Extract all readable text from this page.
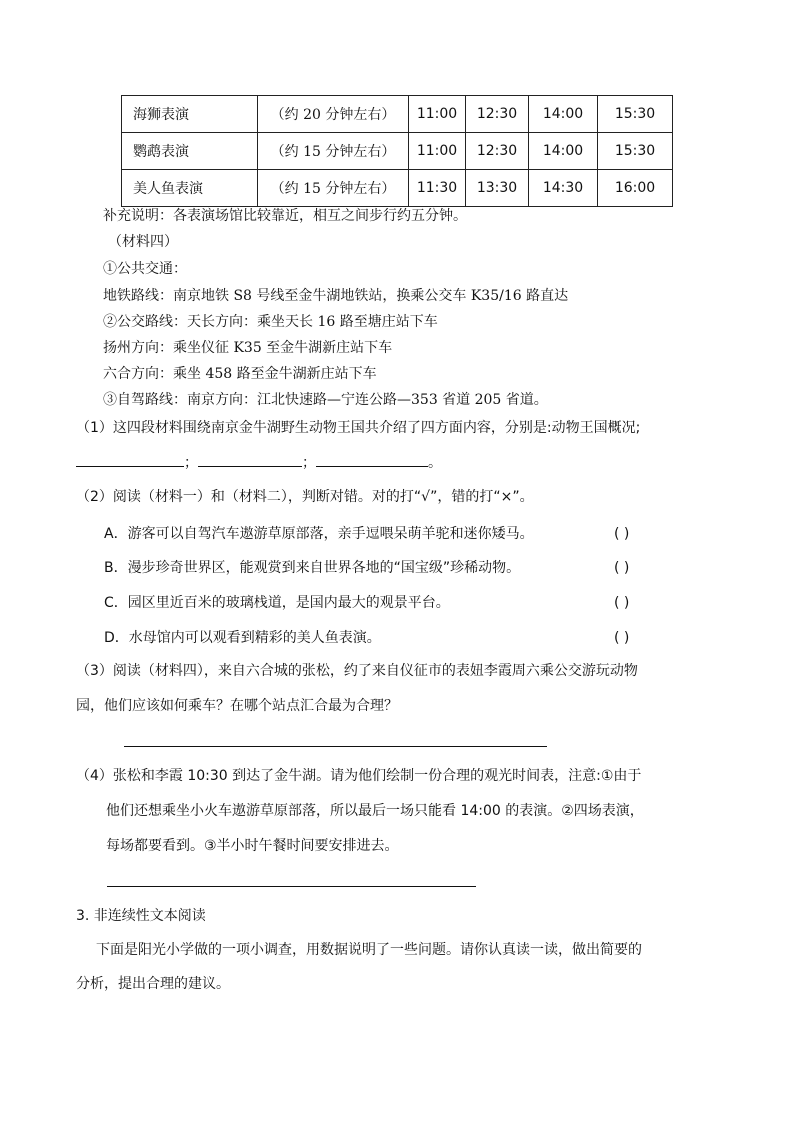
海狮表演	（约 20 分钟左右）	11:00	12:30	14:00	15:30
鹦鹉表演	（约 15 分钟左右）	11:00	12:30	14:00	15:30
美人鱼表演	（约 15 分钟左右）	11:30	13:30	14:30	16:00
补充说明：各表演场馆比较靠近，相互之间步行约五分钟。
（材料四）
①公共交通：
地铁路线：南京地铁 S8 号线至金牛湖地铁站，换乘公交车 K35/16 路直达
②公交路线：天长方向：乘坐天长 16 路至塘庄站下车
扬州方向：乘坐仪征 K35 至金牛湖新庄站下车
六合方向：乘坐 458 路至金牛湖新庄站下车
③自驾路线：南京方向：江北快速路—宁连公路—353 省道 205 省道。
（1）这四段材料围绕南京金牛湖野生动物王国共介绍了四方面内容，分别是:动物王国概况;
；	；	。
（2）阅读（材料一）和（材料二），判断对错。对的打“√”，错的打“×”。
A．游客可以自驾汽车遨游草原部落，亲手逗喂呆萌羊驼和迷你矮马。	( )
B．漫步珍奇世界区，能观赏到来自世界各地的“国宝级”珍稀动物。	( )
C．园区里近百米的玻璃栈道，是国内最大的观景平台。	( )
D．水母馆内可以观看到精彩的美人鱼表演。	( )
（3）阅读（材料四），来自六合城的张松，约了来自仪征市的表妞李霞周六乘公交游玩动物
园，他们应该如何乘车？在哪个站点汇合最为合理？
（4）张松和李霞 10:30 到达了金牛湖。请为他们绘制一份合理的观光时间表，注意:①由于
他们还想乘坐小火车遨游草原部落，所以最后一场只能看 14:00 的表演。②四场表演，
每场都要看到。③半小时午餐时间要安排进去。
3. 非连续性文本阅读
下面是阳光小学做的一项小调查，用数据说明了一些问题。请你认真读一读，做出简要的
分析，提出合理的建议。
